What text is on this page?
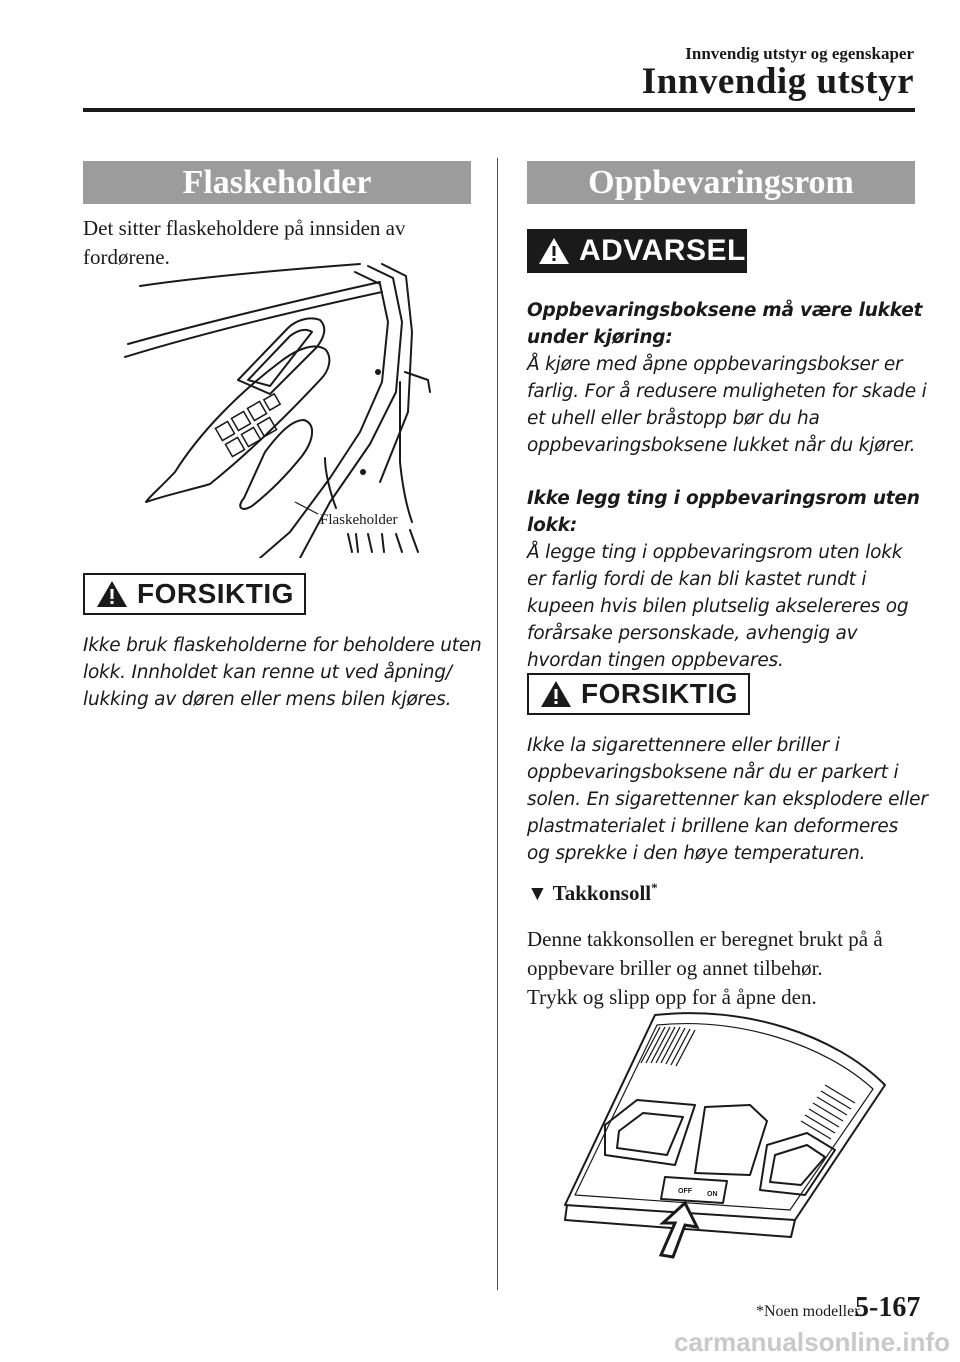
Innvendig utstyr og egenskaper
Innvendig utstyr
Flaskeholder
Det sitter flaskeholdere på innsiden av
fordørene.
Flaskeholder
FORSIKTIG
Ikke bruk flaskeholderne for beholdere uten
lokk. Innholdet kan renne ut ved åpning/
lukking av døren eller mens bilen kjøres.
Oppbevaringsrom
ADVARSEL
Oppbevaringsboksene må være lukket
under kjøring:
Å kjøre med åpne oppbevaringsbokser er
farlig. For å redusere muligheten for skade i
et uhell eller bråstopp bør du ha
oppbevaringsboksene lukket når du kjører.
Ikke legg ting i oppbevaringsrom uten lokk:
Å legge ting i oppbevaringsrom uten lokk
er farlig fordi de kan bli kastet rundt i
kupeen hvis bilen plutselig akselereres og
forårsake personskade, avhengig av
hvordan tingen oppbevares.
FORSIKTIG
Ikke la sigarettennere eller briller i
oppbevaringsboksene når du er parkert i
solen. En sigarettenner kan eksplodere eller
plastmaterialet i brillene kan deformeres
og sprekke i den høye temperaturen.
▼ Takkonsoll*
Denne takkonsollen er beregnet brukt på å
oppbevare briller og annet tilbehør.
Trykk og slipp opp for å åpne den.
OFF ON
*Noen modeller.
5-167
carmanualsonline.info
